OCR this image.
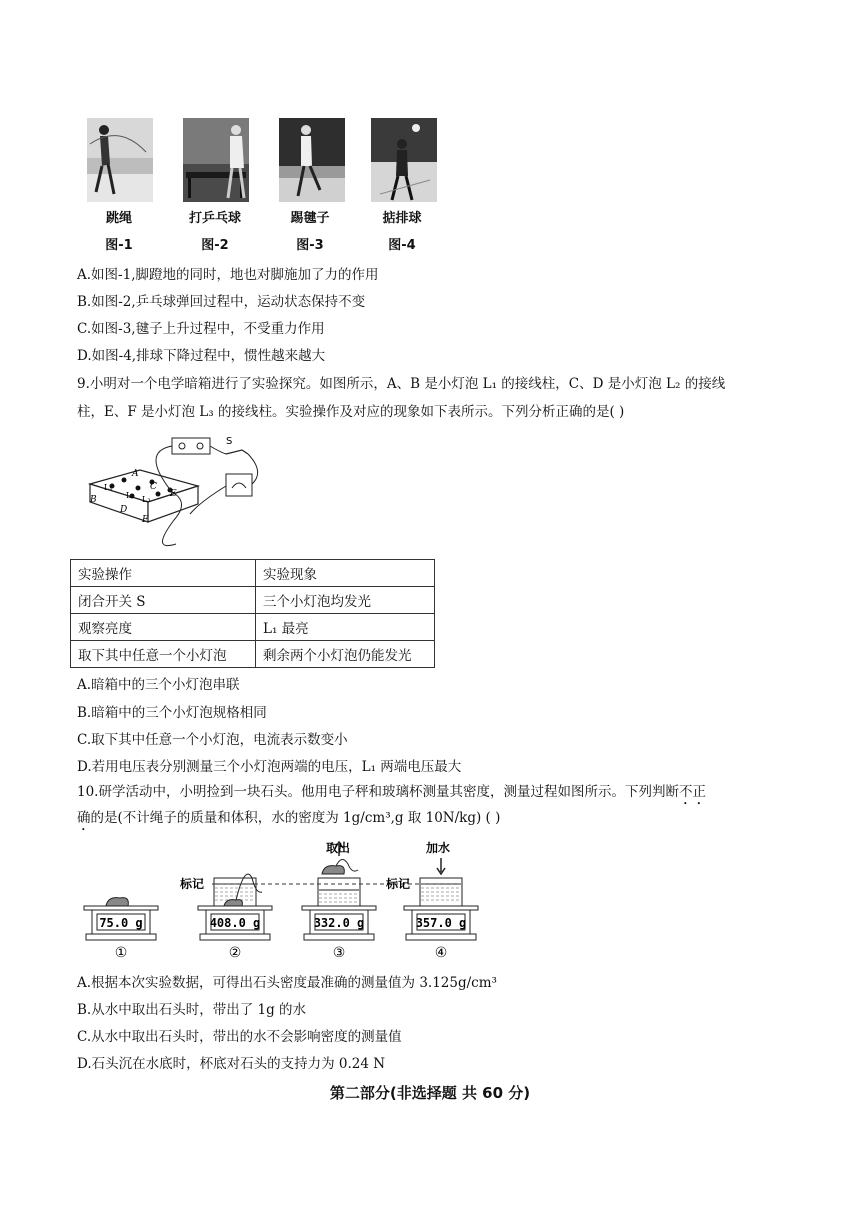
跳绳	打乒乓球	踢毽子	掂排球
图-1	图-2	图-3	图-4
A.如图-1,脚蹬地的同时，地也对脚施加了力的作用
B.如图-2,乒乓球弹回过程中，运动状态保持不变
C.如图-3,毽子上升过程中，不受重力作用
D.如图-4,排球下降过程中，惯性越来越大
9.小明对一个电学暗箱进行了实验探究。如图所示，A、B 是小灯泡 L₁ 的接线柱，C、D 是小灯泡 L₂ 的接线
柱，E、F 是小灯泡 L₃ 的接线柱。实验操作及对应的现象如下表所示。下列分析正确的是( )
S
A
B
C
D
E
F
L₁
L₂ L₃
实验操作	实验现象
闭合开关 S	三个小灯泡均发光
观察亮度	L₁ 最亮
取下其中任意一个小灯泡	剩余两个小灯泡仍能发光
A.暗箱中的三个小灯泡串联
B.暗箱中的三个小灯泡规格相同
C.取下其中任意一个小灯泡，电流表示数变小
D.若用电压表分别测量三个小灯泡两端的电压，L₁ 两端电压最大
10.研学活动中，小明捡到一块石头。他用电子秤和玻璃杯测量其密度，测量过程如图所示。下列判断不正
确的是(不计绳子的质量和体积，水的密度为 1g/cm³,g 取 10N/kg) ( )
75.0 g
①
408.0 g
②
332.0 g
③
357.0 g
④
标记	标记
取出	加水
A.根据本次实验数据，可得出石头密度最准确的测量值为 3.125g/cm³
B.从水中取出石头时，带出了 1g 的水
C.从水中取出石头时，带出的水不会影响密度的测量值
D.石头沉在水底时，杯底对石头的支持力为 0.24 N
第二部分(非选择题 共 60 分)
